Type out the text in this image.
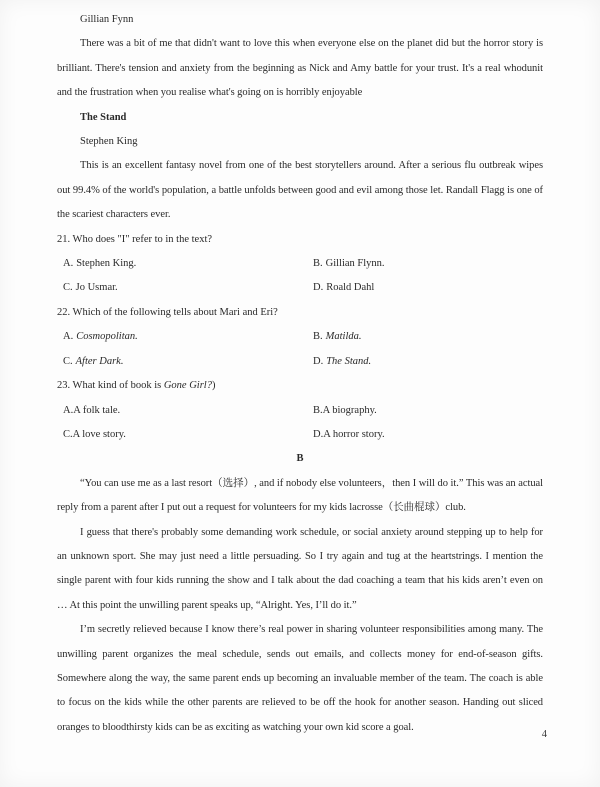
Gillian Fynn

There was a bit of me that didn't want to love this when everyone else on the planet did but the horror story is brilliant. There's tension and anxiety from the beginning as Nick and Amy battle for your trust. It's a real whodunit and the frustration when you realise what's going on is horribly enjoyable

The Stand

Stephen King

This is an excellent fantasy novel from one of the best storytellers around. After a serious flu outbreak wipes out 99.4% of the world's population, a battle unfolds between good and evil among those let. Randall Flagg is one of the scariest characters ever.

21. Who does "I" refer to in the text?

A. Stephen King.	B. Gillian Flynn.
C. Jo Usmar.	D. Roald Dahl

22. Which of the following tells about Mari and Eri?

A. Cosmopolitan.	B. Matilda.
C. After Dark.	D. The Stand.

23. What kind of book is Gone Girl?)

A.A folk tale.	B.A biography.
C.A love story.	D.A horror story.

B

“You can use me as a last resort（选择）, and if nobody else volunteers，then I will do it.” This was an actual reply from a parent after I put out a request for volunteers for my kids lacrosse（长曲棍球）club.

I guess that there's probably some demanding work schedule, or social anxiety around stepping up to help for an unknown sport. She may just need a little persuading. So I try again and tug at the heartstrings. I mention the single parent with four kids running the show and I talk about the dad coaching a team that his kids aren’t even on … At this point the unwilling parent speaks up, “Alright. Yes, I’ll do it.”

I’m secretly relieved because I know there’s real power in sharing volunteer responsibilities among many. The unwilling parent organizes the meal schedule, sends out emails, and collects money for end-of-season gifts. Somewhere along the way, the same parent ends up becoming an invaluable member of the team. The coach is able to focus on the kids while the other parents are relieved to be off the hook for another season. Handing out sliced oranges to bloodthirsty kids can be as exciting as watching your own kid score a goal.

4
